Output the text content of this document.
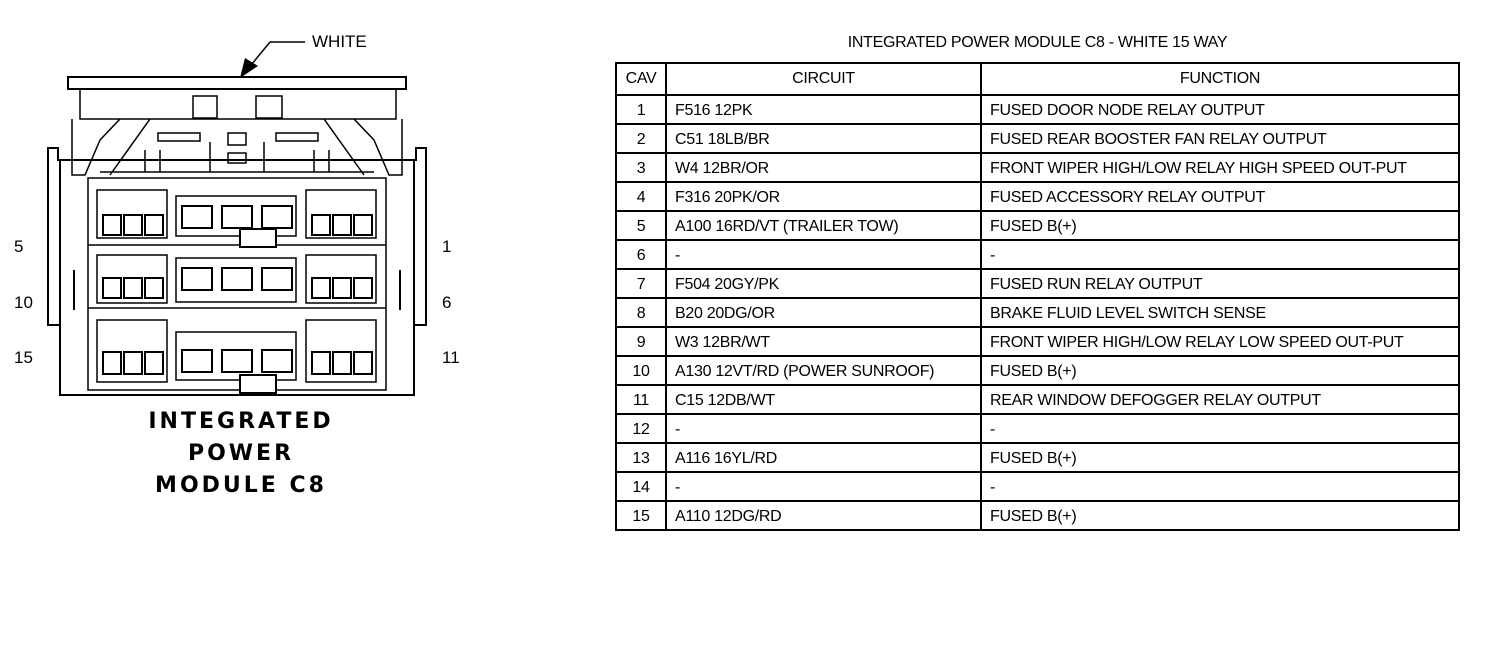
WHITE
5	1
10	6
15	11
INTEGRATED
POWER
MODULE C8
INTEGRATED POWER MODULE C8 - WHITE 15 WAY
CAV	CIRCUIT	FUNCTION
1	F516 12PK	FUSED DOOR NODE RELAY OUTPUT
2	C51 18LB/BR	FUSED REAR BOOSTER FAN RELAY OUTPUT
3	W4 12BR/OR	FRONT WIPER HIGH/LOW RELAY HIGH SPEED OUT-PUT
4	F316 20PK/OR	FUSED ACCESSORY RELAY OUTPUT
5	A100 16RD/VT (TRAILER TOW)	FUSED B(+)
6	-	-
7	F504 20GY/PK	FUSED RUN RELAY OUTPUT
8	B20 20DG/OR	BRAKE FLUID LEVEL SWITCH SENSE
9	W3 12BR/WT	FRONT WIPER HIGH/LOW RELAY LOW SPEED OUT-PUT
10	A130 12VT/RD (POWER SUNROOF)	FUSED B(+)
11	C15 12DB/WT	REAR WINDOW DEFOGGER RELAY OUTPUT
12	-	-
13	A116 16YL/RD	FUSED B(+)
14	-	-
15	A110 12DG/RD	FUSED B(+)
